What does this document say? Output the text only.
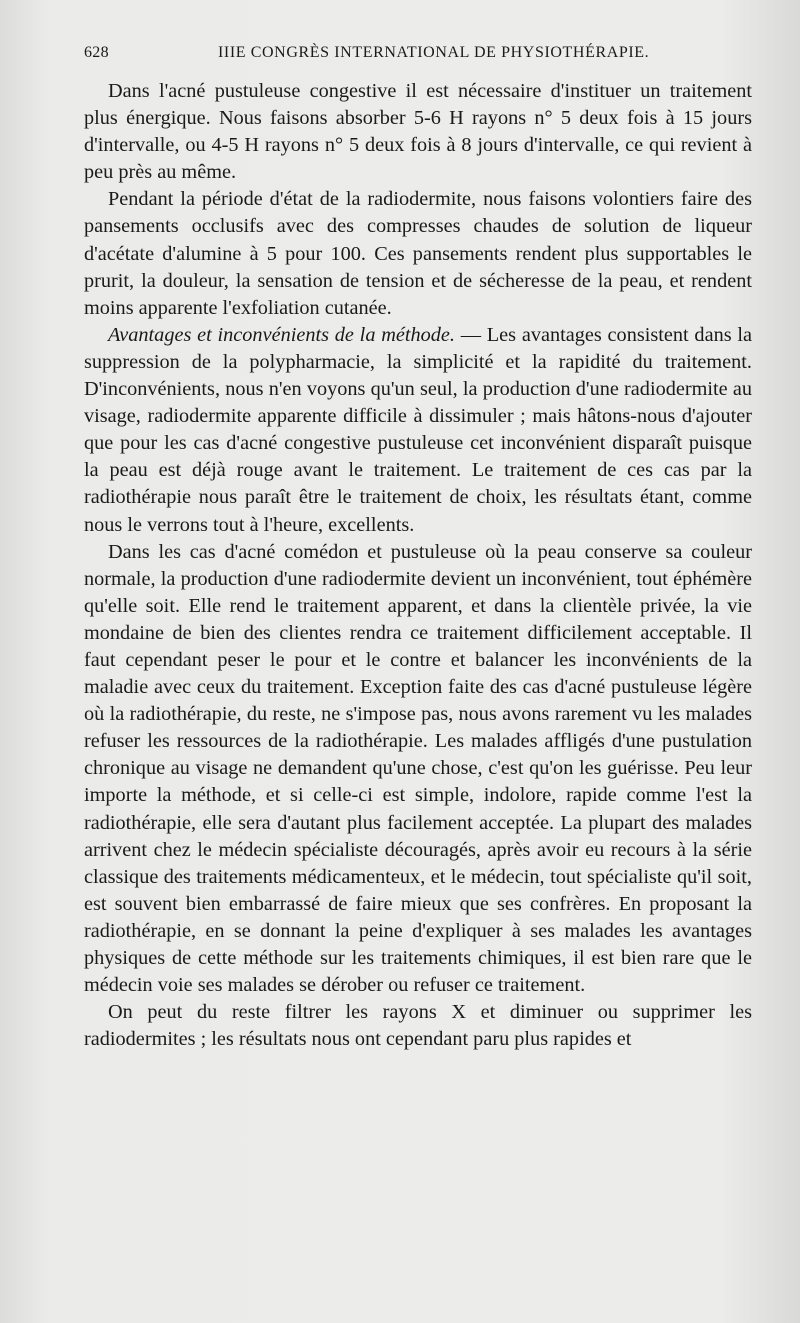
628	IIIE CONGRÈS INTERNATIONAL DE PHYSIOTHÉRAPIE.

Dans l'acné pustuleuse congestive il est nécessaire d'instituer un traitement plus énergique. Nous faisons absorber 5-6 H rayons n° 5 deux fois à 15 jours d'intervalle, ou 4-5 H rayons n° 5 deux fois à 8 jours d'intervalle, ce qui revient à peu près au même.

Pendant la période d'état de la radiodermite, nous faisons volontiers faire des pansements occlusifs avec des compresses chaudes de solution de liqueur d'acétate d'alumine à 5 pour 100. Ces pansements rendent plus supportables le prurit, la douleur, la sensation de tension et de sécheresse de la peau, et rendent moins apparente l'exfoliation cutanée.

Avantages et inconvénients de la méthode. — Les avantages consistent dans la suppression de la polypharmacie, la simplicité et la rapidité du traitement. D'inconvénients, nous n'en voyons qu'un seul, la production d'une radiodermite au visage, radiodermite apparente difficile à dissimuler ; mais hâtons-nous d'ajouter que pour les cas d'acné congestive pustuleuse cet inconvénient disparaît puisque la peau est déjà rouge avant le traitement. Le traitement de ces cas par la radiothérapie nous paraît être le traitement de choix, les résultats étant, comme nous le verrons tout à l'heure, excellents.

Dans les cas d'acné comédon et pustuleuse où la peau conserve sa couleur normale, la production d'une radiodermite devient un inconvénient, tout éphémère qu'elle soit. Elle rend le traitement apparent, et dans la clientèle privée, la vie mondaine de bien des clientes rendra ce traitement difficilement acceptable. Il faut cependant peser le pour et le contre et balancer les inconvénients de la maladie avec ceux du traitement. Exception faite des cas d'acné pustuleuse légère où la radiothérapie, du reste, ne s'impose pas, nous avons rarement vu les malades refuser les ressources de la radiothérapie. Les malades affligés d'une pustulation chronique au visage ne demandent qu'une chose, c'est qu'on les guérisse. Peu leur importe la méthode, et si celle-ci est simple, indolore, rapide comme l'est la radiothérapie, elle sera d'autant plus facilement acceptée. La plupart des malades arrivent chez le médecin spécialiste découragés, après avoir eu recours à la série classique des traitements médicamenteux, et le médecin, tout spécialiste qu'il soit, est souvent bien embarrassé de faire mieux que ses confrères. En proposant la radiothérapie, en se donnant la peine d'expliquer à ses malades les avantages physiques de cette méthode sur les traitements chimiques, il est bien rare que le médecin voie ses malades se dérober ou refuser ce traitement.

On peut du reste filtrer les rayons X et diminuer ou supprimer les radiodermites ; les résultats nous ont cependant paru plus rapides et
